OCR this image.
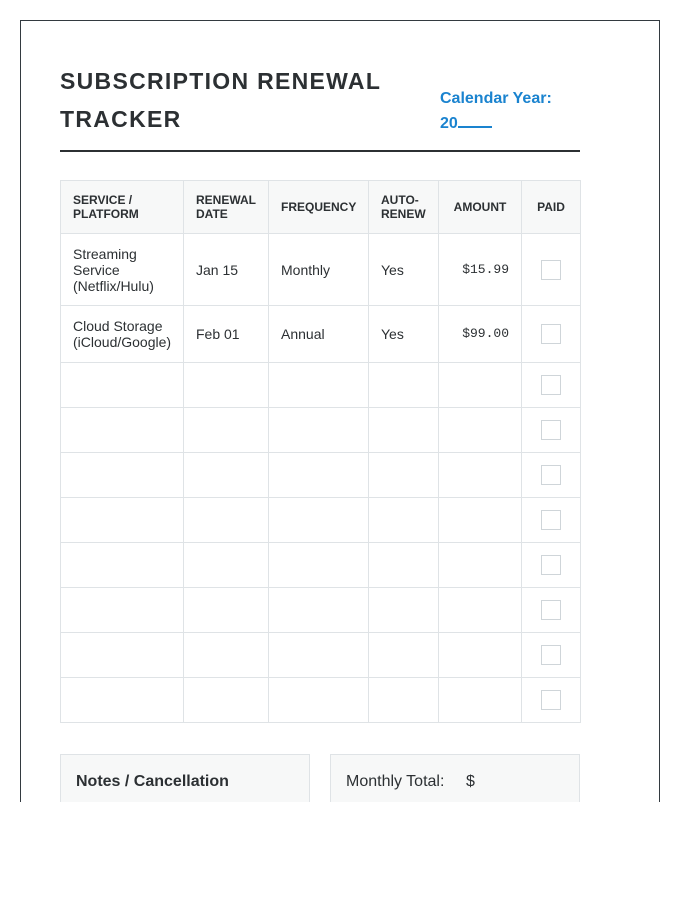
SUBSCRIPTION RENEWAL TRACKER
Calendar Year:
20
SERVICE / PLATFORM	RENEWAL DATE	FREQUENCY	AUTO-RENEW	AMOUNT	PAID
Streaming Service (Netflix/Hulu)	Jan 15	Monthly	Yes	$15.99	
Cloud Storage (iCloud/Google)	Feb 01	Annual	Yes	$99.00	

Notes / Cancellation	Monthly Total: $
